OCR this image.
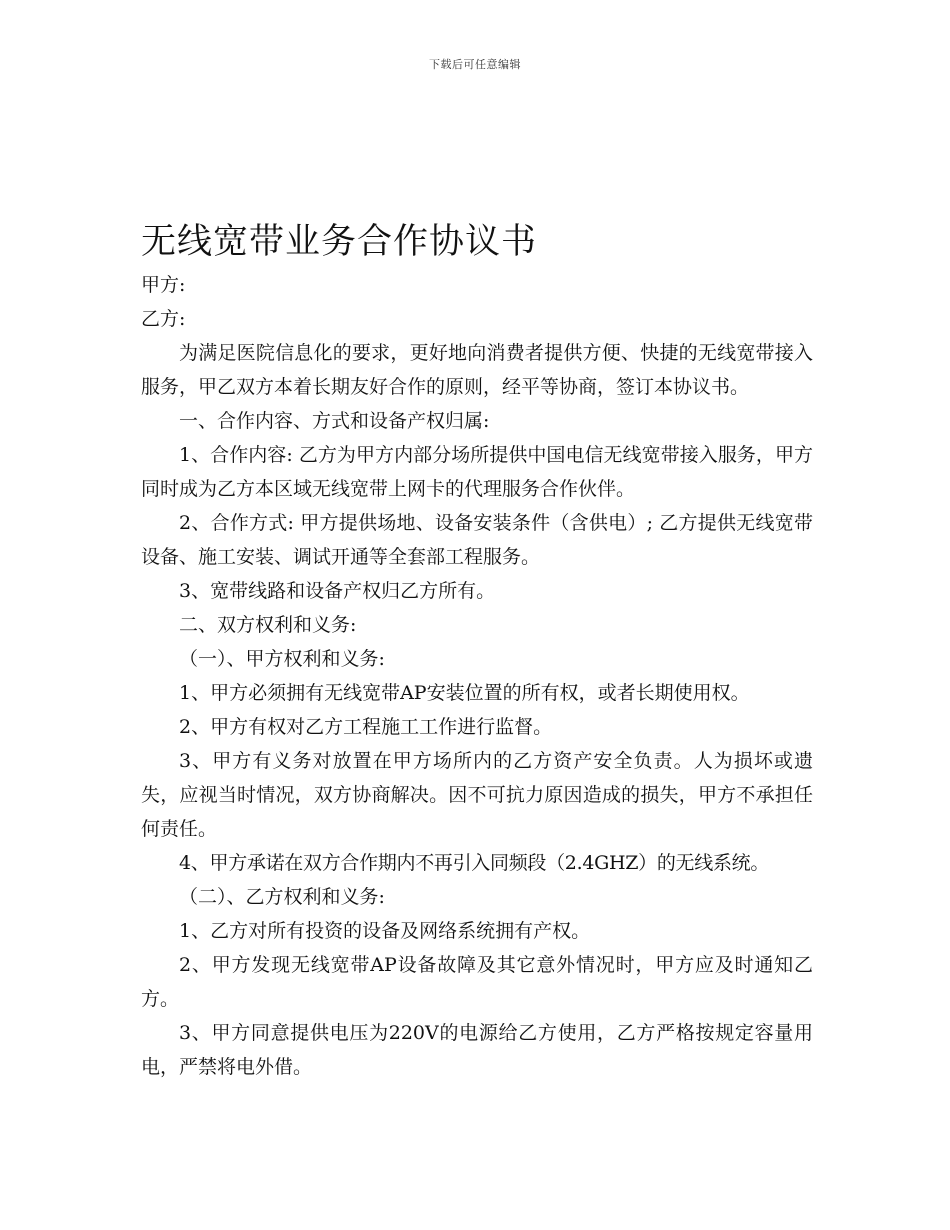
下载后可任意编辑
无线宽带业务合作协议书

甲方:

乙方:

为满足医院信息化的要求，更好地向消费者提供方便、快捷的无线宽带接入服务，甲乙双方本着长期友好合作的原则，经平等协商，签订本协议书。

一、合作内容、方式和设备产权归属:

1、合作内容: 乙方为甲方内部分场所提供中国电信无线宽带接入服务，甲方同时成为乙方本区域无线宽带上网卡的代理服务合作伙伴。

2、合作方式: 甲方提供场地、设备安装条件（含供电）; 乙方提供无线宽带设备、施工安装、调试开通等全套部工程服务。

3、宽带线路和设备产权归乙方所有。

二、双方权利和义务:

（一）、甲方权利和义务:

1、甲方必须拥有无线宽带AP安装位置的所有权，或者长期使用权。

2、甲方有权对乙方工程施工工作进行监督。

3、甲方有义务对放置在甲方场所内的乙方资产安全负责。人为损坏或遗失，应视当时情况，双方协商解决。因不可抗力原因造成的损失，甲方不承担任何责任。

4、甲方承诺在双方合作期内不再引入同频段（2.4GHZ）的无线系统。

（二）、乙方权利和义务:

1、乙方对所有投资的设备及网络系统拥有产权。

2、甲方发现无线宽带AP设备故障及其它意外情况时，甲方应及时通知乙方。

3、甲方同意提供电压为220V的电源给乙方使用，乙方严格按规定容量用电，严禁将电外借。
